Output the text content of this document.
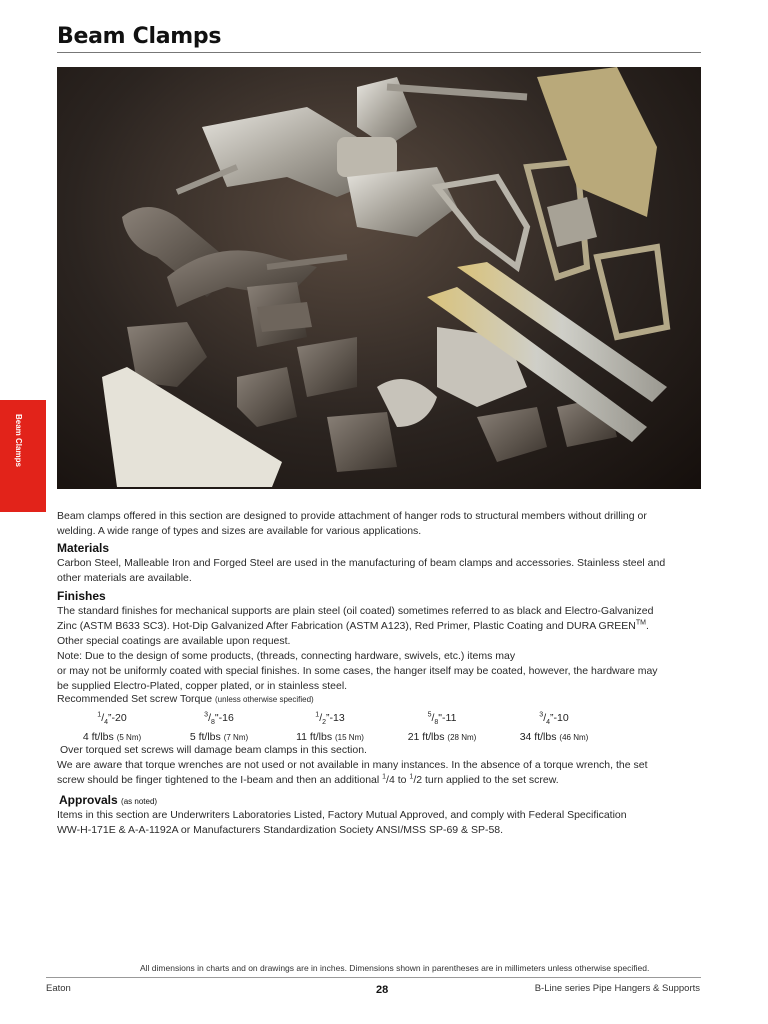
Beam Clamps
Beam Clamps

Beam clamps offered in this section are designed to provide attachment of hanger rods to structural members without drilling or

welding. A wide range of types and sizes are available for various applications.

Materials

Carbon Steel, Malleable Iron and Forged Steel are used in the manufacturing of beam clamps and accessories. Stainless steel and

other materials are available.

Finishes

The standard finishes for mechanical supports are plain steel (oil coated) sometimes referred to as black and Electro-Galvanized

Zinc (ASTM B633 SC3). Hot-Dip Galvanized After Fabrication (ASTM A123), Red Primer, Plastic Coating and DURA GREEN™.

Other special coatings are available upon request.

Note: Due to the design of some products, (threads, connecting hardware, swivels, etc.) items may

or may not be uniformly coated with special finishes. In some cases, the hanger itself may be coated, however, the hardware may

be supplied Electro-Plated, copper plated, or in stainless steel.

Recommended Set screw Torque (unless otherwise specified)
$^1/_4”-20$
4 ft/lbs (5 Nm)
$^3/_8"-16$
5 ft/lbs (7 Nm)
$^1/_2”-13$
11 ft/lbs (15 Nm)
$^5/_8"-11$
21 ft/lbs (28 Nm)
$^3/_4”-10$
34 ft/lbs (46 Nm)

Over torqued set screws will damage beam clamps in this section.

We are aware that torque wrenches are not used or not available in many instances. In the absence of a torque wrench, the set

screw should be finger tightened to the I-beam and then an additional $^1$/4 to $^1$/2 turn applied to the set screw.

Approvals (as noted)

Items in this section are Underwriters Laboratories Listed, Factory Mutual Approved, and comply with Federal Specification

WW-H-171E & A-A-1192A or Manufacturers Standardization Society ANSI/MSS SP-69 & SP-58.

All dimensions in charts and on drawings are in inches. Dimensions shown in parentheses are in millimeters unless otherwise specified.
Eaton	28	B-Line series Pipe Hangers & Supports
